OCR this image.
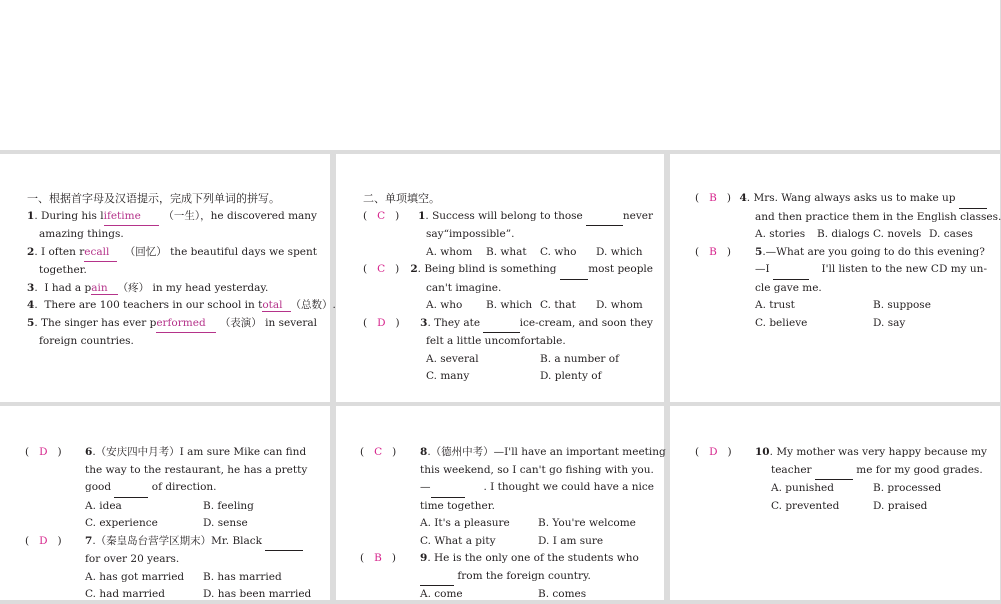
一、根据首字母及汉语提示，完成下列单词的拼写。
1 . During his l ifetime	（一生），he discovered many
amazing things.
2 . I often r ecall	（回忆） the beautiful days we spent
together.
3.  I had a pain （疼） in my head yesterday.
4.  There are 100 teachers in our school in total （总数）.
5 . The singer has ever p erformed	（表演） in several
foreign countries.
二、单项填空。
(   C   )	1 . Success will belong to those

	never
say“impossible”.
A. whom B. what C. who D. which
(   C   )	2 . Being blind is something

	most people
can't imagine.
A. who B. which C. that D. whom
(   D   )	3 . They ate

	ice-cream, and soon they
felt a little uncomfortable.
A. several	B. a number of
C. many	D. plenty of
(   B   ) 4 . Mrs. Wang always asks us to make up

and then practice them in the English classes.
A. stories B. dialogs C. novels D. cases
(   B   ) 5.—What are you going to do this evening?
—I

	I'll listen to the new CD my un-
cle gave me.
A. trust	B. suppose
C. believe	D. say
(   D   ) 6.（安庆四中月考）I am sure Mike can find
the way to the restaurant, he has a pretty
good	of direction.
A. idea	B. feeling
C. experience	D. sense
(   D   ) 7.（秦皇岛台营学区期末）Mr. Black
for over 20 years.
A. has got married B. has married
C. had married	D. has been married
(   C   ) 8.（德州中考）—I'll have an important meeting
this weekend, so I can't go fishing with you.
—
	. I thought we could have a nice
time together.
A. It's a pleasure	B. You're welcome
C. What a pity	D. I am sure
(   B   ) 9. He is the only one of the students who
from the foreign country.
A. come	B. comes
(   D   ) 10. My mother was very happy because my
teacher	me for my good grades.
A. punished	B. processed
C. prevented	D. praised
